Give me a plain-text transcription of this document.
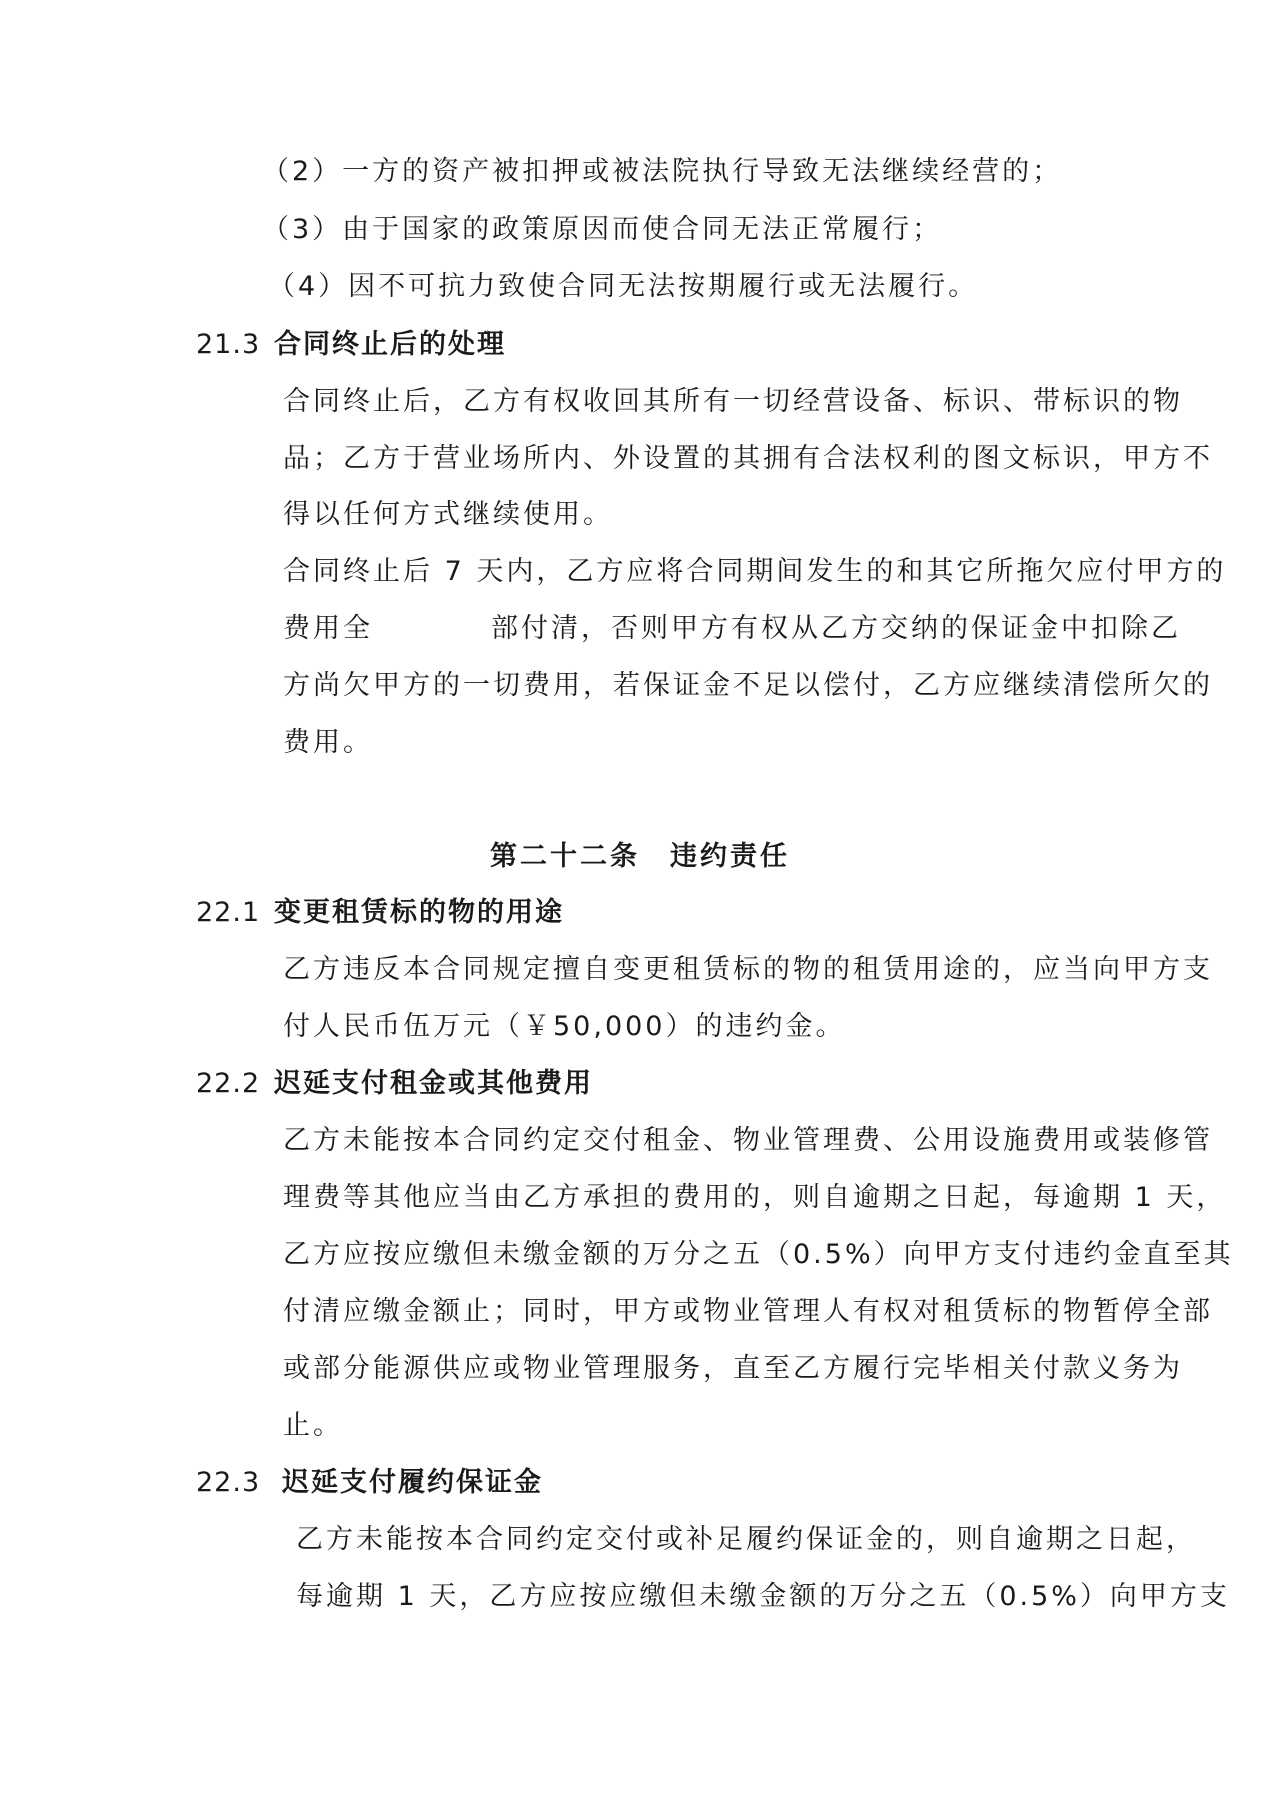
（2）一方的资产被扣押或被法院执行导致无法继续经营的；
（3）由于国家的政策原因而使合同无法正常履行；
（4）因不可抗力致使合同无法按期履行或无法履行。
21.3 合同终止后的处理
合同终止后，乙方有权收回其所有一切经营设备、标识、带标识的物
品；乙方于营业场所内、外设置的其拥有合法权利的图文标识，甲方不
得以任何方式继续使用。
合同终止后 7 天内，乙方应将合同期间发生的和其它所拖欠应付甲方的
费用全	部付清，否则甲方有权从乙方交纳的保证金中扣除乙
方尚欠甲方的一切费用，若保证金不足以偿付，乙方应继续清偿所欠的
费用。
第二十二条　违约责任
22.1 变更租赁标的物的用途
乙方违反本合同规定擅自变更租赁标的物的租赁用途的，应当向甲方支
付人民币伍万元（￥50,000）的违约金。
22.2 迟延支付租金或其他费用
乙方未能按本合同约定交付租金、物业管理费、公用设施费用或装修管
理费等其他应当由乙方承担的费用的，则自逾期之日起，每逾期 1 天，
乙方应按应缴但未缴金额的万分之五（0.5%）向甲方支付违约金直至其
付清应缴金额止；同时，甲方或物业管理人有权对租赁标的物暂停全部
或部分能源供应或物业管理服务，直至乙方履行完毕相关付款义务为
止。
22.3 迟延支付履约保证金
乙方未能按本合同约定交付或补足履约保证金的，则自逾期之日起，
每逾期 1 天，乙方应按应缴但未缴金额的万分之五（0.5%）向甲方支
